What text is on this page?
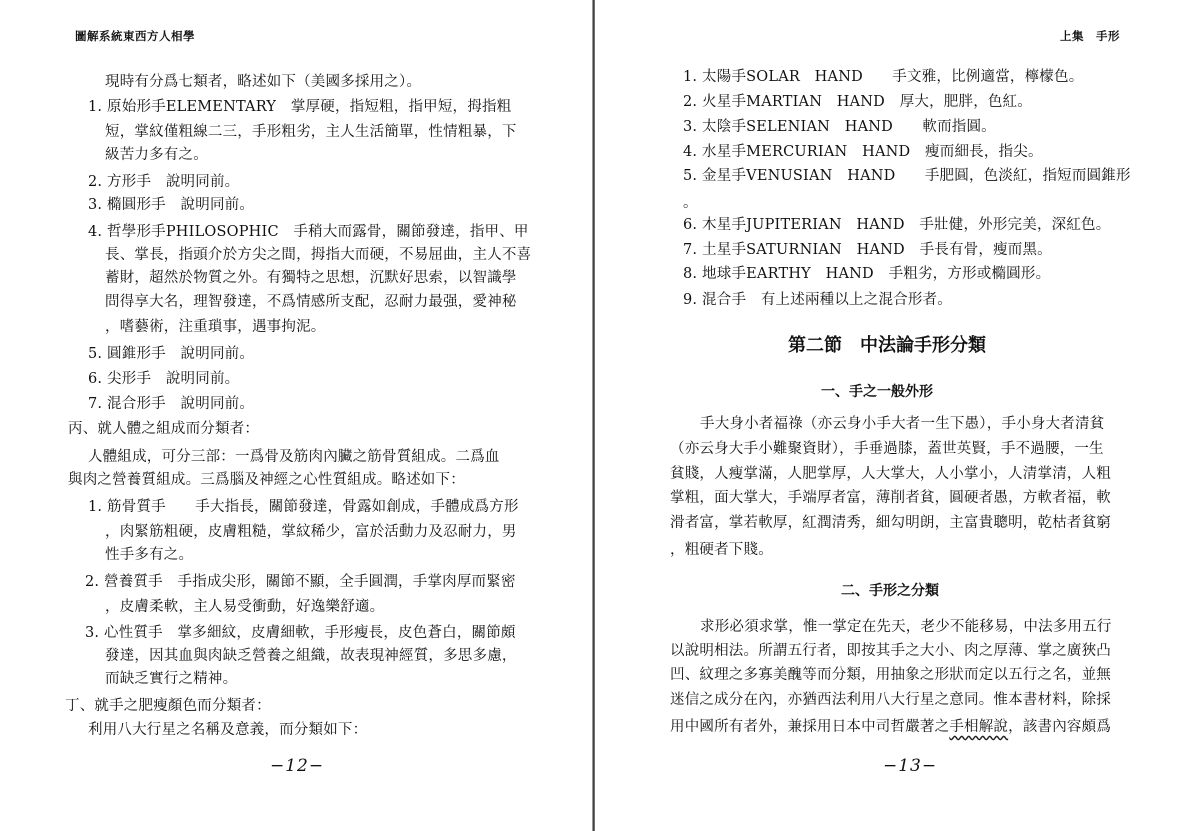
圖解系統東西方人相學
現時有分爲七類者，略述如下（美國多採用之）。
1. 原始形手ELEMENTARY　掌厚硬，指短粗，指甲短，拇指粗
短，掌紋僅粗線二三，手形粗劣，主人生活簡單，性情粗暴，下
級苦力多有之。
2. 方形手　說明同前。
3. 橢圓形手　說明同前。
4. 哲學形手PHILOSOPHIC　手稍大而露骨，關節發達，指甲、甲
長、掌長，指頭介於方尖之間，拇指大而硬，不易屈曲，主人不喜
蓄財，超然於物質之外。有獨特之思想，沉默好思索，以智識學
問得享大名，理智發達，不爲情感所支配，忍耐力最强，愛神秘
，嗜藝術，注重瑣事，遇事拘泥。
5. 圓錐形手　說明同前。
6. 尖形手　說明同前。
7. 混合形手　說明同前。
丙、就人體之組成而分類者：
人體組成，可分三部：一爲骨及筋肉內臟之筋骨質組成。二爲血
與肉之營養質組成。三爲腦及神經之心性質組成。略述如下：
1. 筋骨質手　　手大指長，關節發達，骨露如創成，手體成爲方形
，肉緊筋粗硬，皮膚粗糙，掌紋稀少，富於活動力及忍耐力，男
性手多有之。
2. 營養質手　手指成尖形，關節不顯，全手圓潤，手掌肉厚而緊密
，皮膚柔軟，主人易受衝動，好逸樂舒適。
3. 心性質手　掌多細紋，皮膚細軟，手形瘦長，皮色蒼白，關節頗
發達，因其血與肉缺乏營養之組織，故表現神經質，多思多慮，
而缺乏實行之精神。
丁、就手之肥瘦顏色而分類者：
利用八大行星之名稱及意義，而分類如下：
−12−
上集　手形
1. 太陽手SOLAR　HAND　　手文雅，比例適當，檸檬色。
2. 火星手MARTIAN　HAND　厚大，肥胖，色紅。
3. 太陰手SELENIAN　HAND　　軟而指圓。
4. 水星手MERCURIAN　HAND　瘦而細長，指尖。
5. 金星手VENUSIAN　HAND　　手肥圓，色淡紅，指短而圓錐形
。
6. 木星手JUPITERIAN　HAND　手壯健，外形完美，深紅色。
7. 土星手SATURNIAN　HAND　手長有骨，瘦而黑。
8. 地球手EARTHY　HAND　手粗劣，方形或橢圓形。
9. 混合手　有上述兩種以上之混合形者。
第二節　中法論手形分類
一、手之一般外形
手大身小者福祿（亦云身小手大者一生下愚），手小身大者清貧
（亦云身大手小難聚資財），手垂過膝，蓋世英賢，手不過腰，一生
貧賤，人瘦掌滿，人肥掌厚，人大掌大，人小掌小，人清掌清，人粗
掌粗，面大掌大，手端厚者富，薄削者貧，圓硬者愚，方軟者福，軟
滑者富，掌若軟厚，紅潤清秀，細勾明朗，主富貴聰明，乾枯者貧窮
，粗硬者下賤。
二、手形之分類
求形必須求掌，惟一掌定在先天，老少不能移易，中法多用五行
以說明相法。所謂五行者，即按其手之大小、肉之厚薄、掌之廣狹凸
凹、紋理之多寡美醜等而分類，用抽象之形狀而定以五行之名，並無
迷信之成分在內，亦猶西法利用八大行星之意同。惟本書材料，除採
用中國所有者外，兼採用日本中司哲嚴著之手相解說，該書內容頗爲
−13−
